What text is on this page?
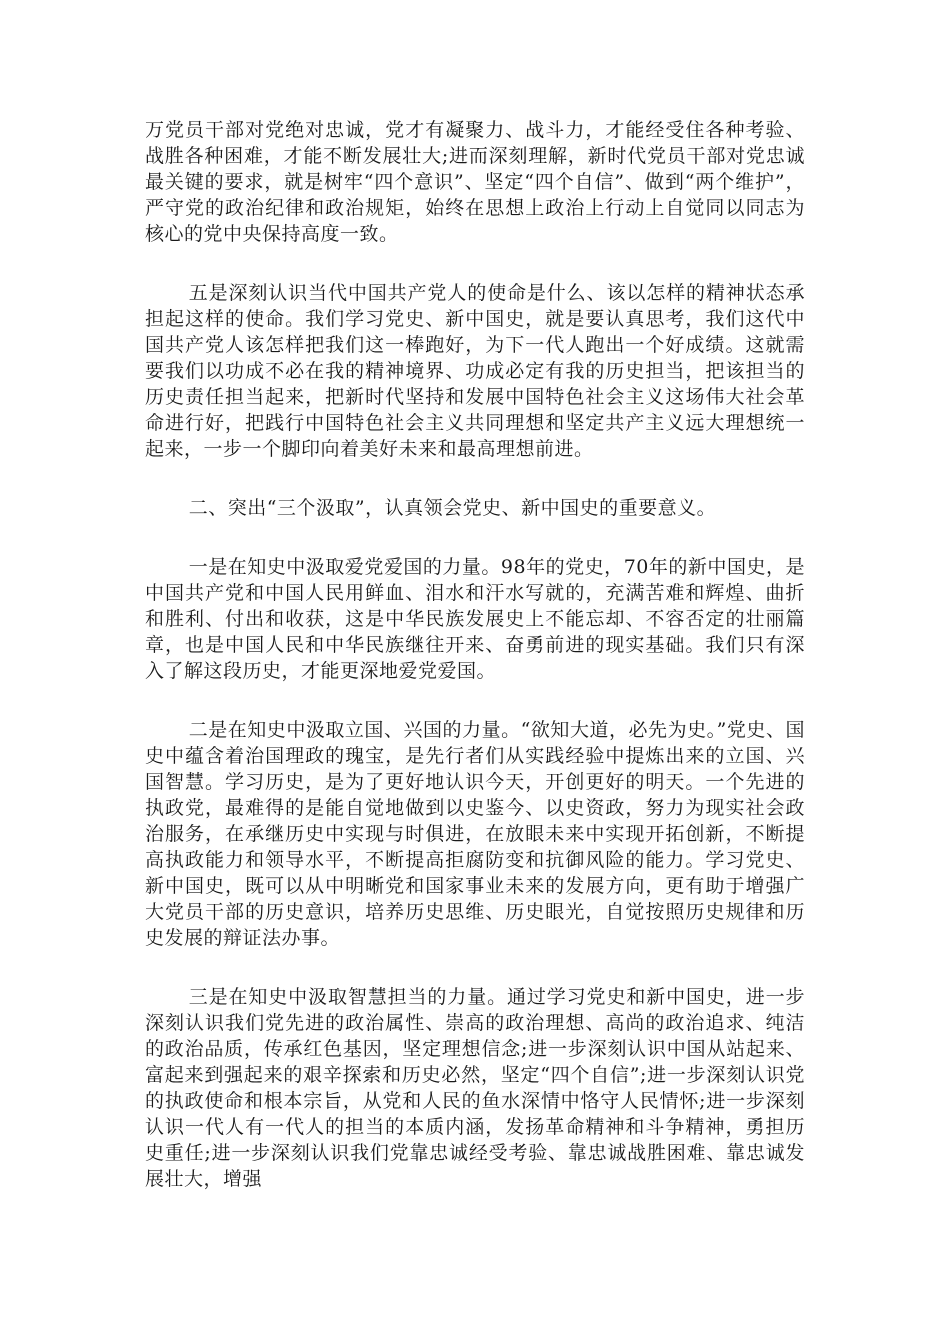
万党员干部对党绝对忠诚，党才有凝聚力、战斗力，才能经受住各种考验、战胜各种困难，才能不断发展壮大;进而深刻理解，新时代党员干部对党忠诚最关键的要求，就是树牢“四个意识”、坚定“四个自信”、做到“两个维护”，严守党的政治纪律和政治规矩，始终在思想上政治上行动上自觉同以同志为核心的党中央保持高度一致。

五是深刻认识当代中国共产党人的使命是什么、该以怎样的精神状态承担起这样的使命。我们学习党史、新中国史，就是要认真思考，我们这代中国共产党人该怎样把我们这一棒跑好，为下一代人跑出一个好成绩。这就需要我们以功成不必在我的精神境界、功成必定有我的历史担当，把该担当的历史责任担当起来，把新时代坚持和发展中国特色社会主义这场伟大社会革命进行好，把践行中国特色社会主义共同理想和坚定共产主义远大理想统一起来，一步一个脚印向着美好未来和最高理想前进。

二、突出“三个汲取”，认真领会党史、新中国史的重要意义。

一是在知史中汲取爱党爱国的力量。98年的党史，70年的新中国史，是中国共产党和中国人民用鲜血、泪水和汗水写就的，充满苦难和辉煌、曲折和胜利、付出和收获，这是中华民族发展史上不能忘却、不容否定的壮丽篇章，也是中国人民和中华民族继往开来、奋勇前进的现实基础。我们只有深入了解这段历史，才能更深地爱党爱国。

二是在知史中汲取立国、兴国的力量。“欲知大道，必先为史。”党史、国史中蕴含着治国理政的瑰宝，是先行者们从实践经验中提炼出来的立国、兴国智慧。学习历史，是为了更好地认识今天，开创更好的明天。一个先进的执政党，最难得的是能自觉地做到以史鉴今、以史资政，努力为现实社会政治服务，在承继历史中实现与时俱进，在放眼未来中实现开拓创新，不断提高执政能力和领导水平，不断提高拒腐防变和抗御风险的能力。学习党史、新中国史，既可以从中明晰党和国家事业未来的发展方向，更有助于增强广大党员干部的历史意识，培养历史思维、历史眼光，自觉按照历史规律和历史发展的辩证法办事。

三是在知史中汲取智慧担当的力量。通过学习党史和新中国史，进一步深刻认识我们党先进的政治属性、崇高的政治理想、高尚的政治追求、纯洁的政治品质，传承红色基因，坚定理想信念;进一步深刻认识中国从站起来、富起来到强起来的艰辛探索和历史必然，坚定“四个自信”;进一步深刻认识党的执政使命和根本宗旨，从党和人民的鱼水深情中恪守人民情怀;进一步深刻认识一代人有一代人的担当的本质内涵，发扬革命精神和斗争精神，勇担历史重任;进一步深刻认识我们党靠忠诚经受考验、靠忠诚战胜困难、靠忠诚发展壮大，增强
